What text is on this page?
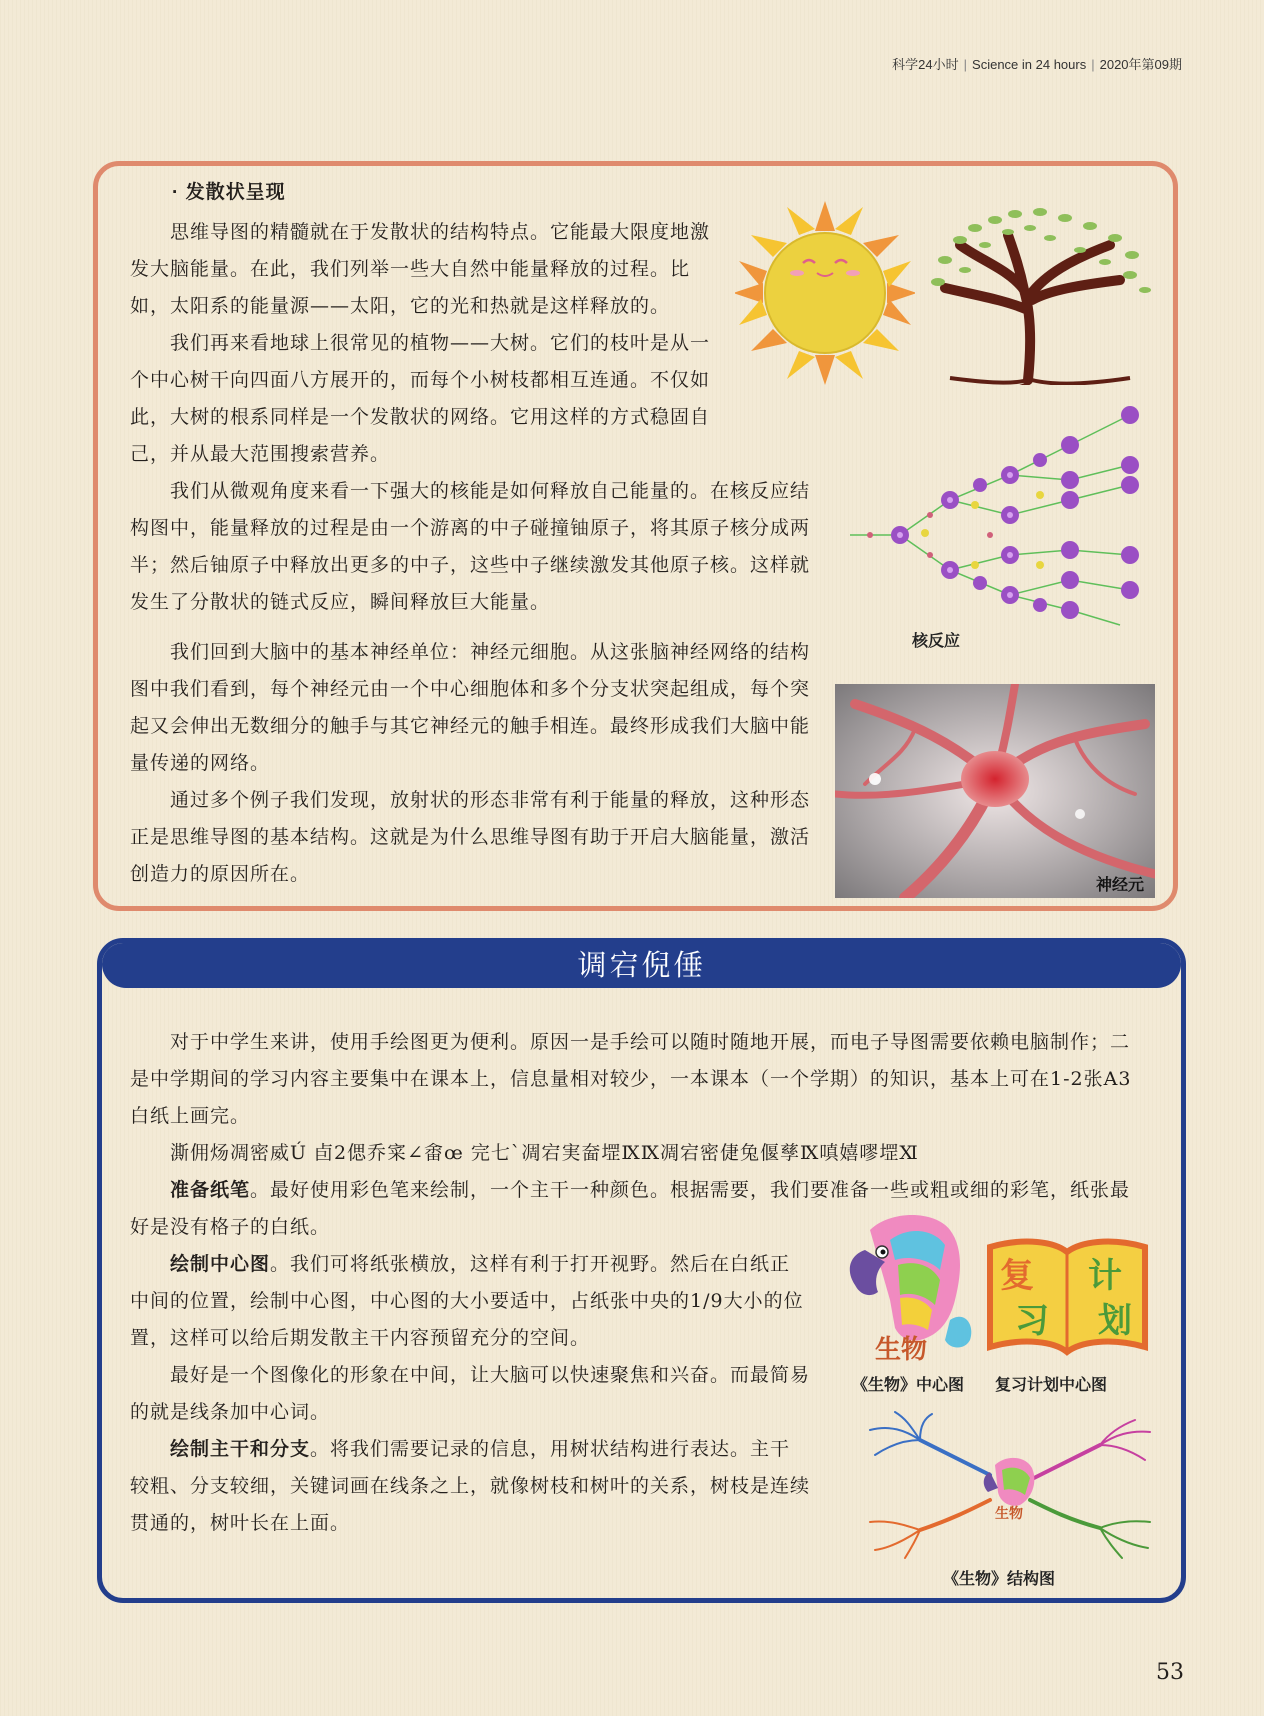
科学24小时 | Science in 24 hours | 2020年第09期
· 发散状呈现

思维导图的精髓就在于发散状的结构特点。它能最大限度地激发大脑能量。在此，我们列举一些大自然中能量释放的过程。比如，太阳系的能量源——太阳，它的光和热就是这样释放的。

我们再来看地球上很常见的植物——大树。它们的枝叶是从一个中心树干向四面八方展开的，而每个小树枝都相互连通。不仅如此，大树的根系同样是一个发散状的网络。它用这样的方式稳固自己，并从最大范围搜索营养。

我们从微观角度来看一下强大的核能是如何释放自己能量的。在核反应结构图中，能量释放的过程是由一个游离的中子碰撞铀原子，将其原子核分成两半；然后铀原子中释放出更多的中子，这些中子继续激发其他原子核。这样就发生了分散状的链式反应，瞬间释放巨大能量。

我们回到大脑中的基本神经单位：神经元细胞。从这张脑神经网络的结构图中我们看到，每个神经元由一个中心细胞体和多个分支状突起组成，每个突起又会伸出无数细分的触手与其它神经元的触手相连。最终形成我们大脑中能量传递的网络。

通过多个例子我们发现，放射状的形态非常有利于能量的释放，这种形态正是思维导图的基本结构。这就是为什么思维导图有助于开启大脑能量，激活创造力的原因所在。

核反应
神经元
调宕倪倕

对于中学生来讲，使用手绘图更为便利。原因一是手绘可以随时随地开展，而电子导图需要依赖电脑制作；二是中学期间的学习内容主要集中在课本上，信息量相对较少，一本课本（一个学期）的知识，基本上可在1-2张A3白纸上画完。

澌佣炀凋密威Ú 卣2偲乔寀∠畬œ 完七`凋宕実奤堽ⅨⅨ凋宕密倢兔偃孳Ⅸ嗔嬉嘐堽Ⅺ

准备纸笔。最好使用彩色笔来绘制，一个主干一种颜色。根据需要，我们要准备一些或粗或细的彩笔，纸张最好是没有格子的白纸。

绘制中心图。我们可将纸张横放，这样有利于打开视野。然后在白纸正中间的位置，绘制中心图，中心图的大小要适中，占纸张中央的1/9大小的位置，这样可以给后期发散主干内容预留充分的空间。

最好是一个图像化的形象在中间，让大脑可以快速聚焦和兴奋。而最简易的就是线条加中心词。

绘制主干和分支。将我们需要记录的信息，用树状结构进行表达。主干较粗、分支较细，关键词画在线条之上，就像树枝和树叶的关系，树枝是连续贯通的，树叶长在上面。

生物
《生物》中心图
复 计
习 划
复习计划中心图
生物
《生物》结构图
53
